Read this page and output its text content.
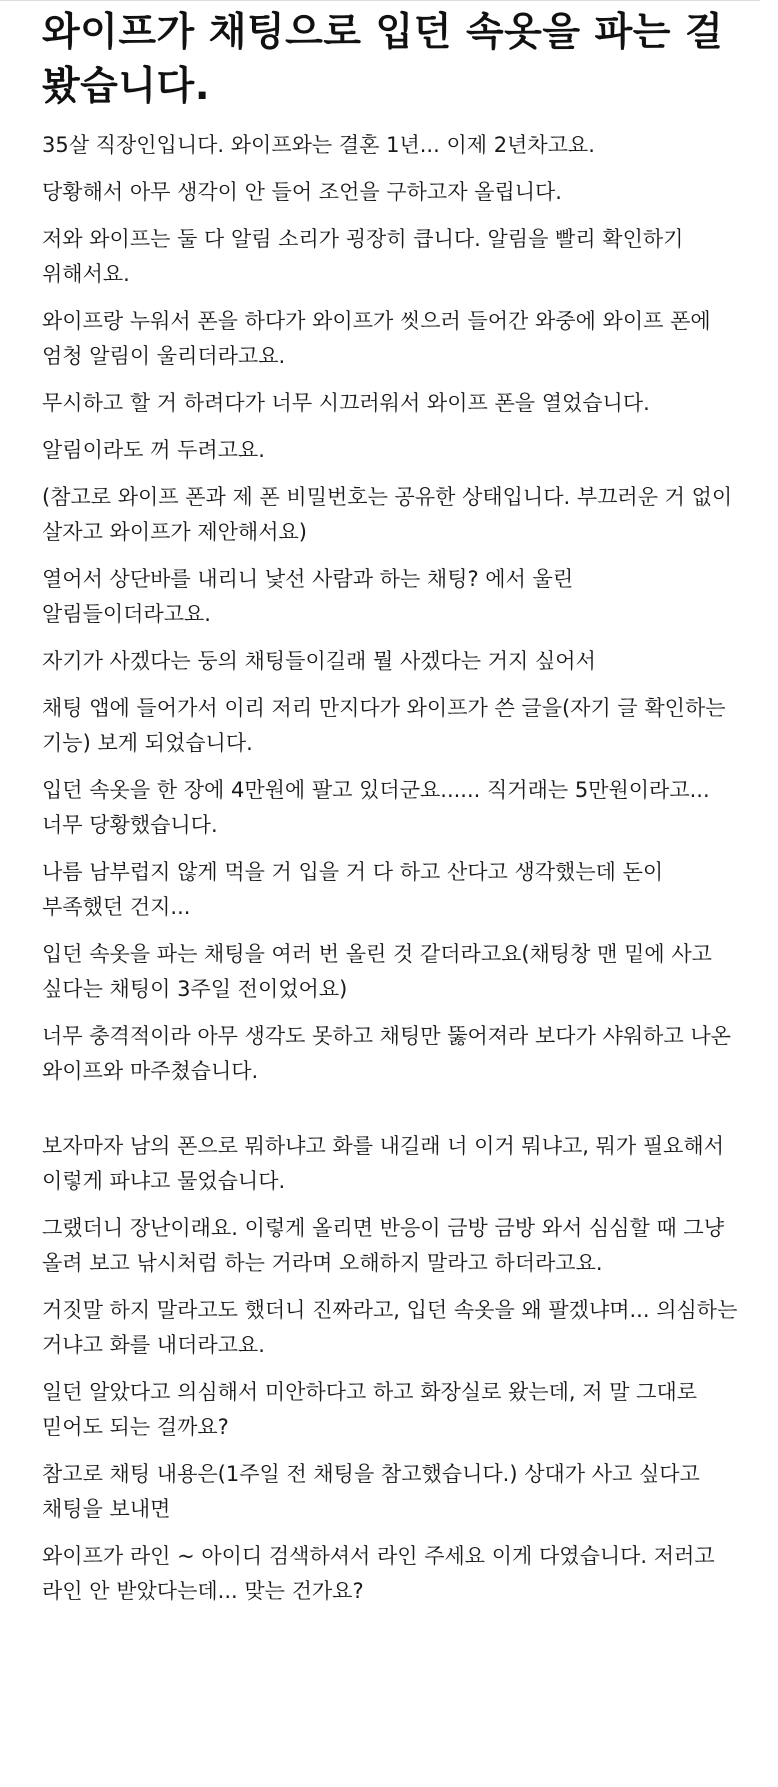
와이프가 채팅으로 입던 속옷을 파는 걸 봤습니다.

35살 직장인입니다. 와이프와는 결혼 1년... 이제 2년차고요.

당황해서 아무 생각이 안 들어 조언을 구하고자 올립니다.

저와 와이프는 둘 다 알림 소리가 굉장히 큽니다. 알림을 빨리 확인하기 위해서요.

와이프랑 누워서 폰을 하다가 와이프가 씻으러 들어간 와중에 와이프 폰에 엄청 알림이 울리더라고요.

무시하고 할 거 하려다가 너무 시끄러워서 와이프 폰을 열었습니다.

알림이라도 꺼 두려고요.

(참고로 와이프 폰과 제 폰 비밀번호는 공유한 상태입니다. 부끄러운 거 없이 살자고 와이프가 제안해서요)

열어서 상단바를 내리니 낯선 사람과 하는 채팅? 에서 울린 알림들이더라고요.

자기가 사겠다는 둥의 채팅들이길래 뭘 사겠다는 거지 싶어서

채팅 앱에 들어가서 이리 저리 만지다가 와이프가 쓴 글을(자기 글 확인하는 기능) 보게 되었습니다.

입던 속옷을 한 장에 4만원에 팔고 있더군요...... 직거래는 5만원이라고... 너무 당황했습니다.

나름 남부럽지 않게 먹을 거 입을 거 다 하고 산다고 생각했는데 돈이 부족했던 건지...

입던 속옷을 파는 채팅을 여러 번 올린 것 같더라고요(채팅창 맨 밑에 사고 싶다는 채팅이 3주일 전이었어요)

너무 충격적이라 아무 생각도 못하고 채팅만 뚫어져라 보다가 샤워하고 나온 와이프와 마주쳤습니다.

보자마자 남의 폰으로 뭐하냐고 화를 내길래 너 이거 뭐냐고, 뭐가 필요해서 이렇게 파냐고 물었습니다.

그랬더니 장난이래요. 이렇게 올리면 반응이 금방 금방 와서 심심할 때 그냥 올려 보고 낚시처럼 하는 거라며 오해하지 말라고 하더라고요.

거짓말 하지 말라고도 했더니 진짜라고, 입던 속옷을 왜 팔겠냐며... 의심하는 거냐고 화를 내더라고요.

일던 알았다고 의심해서 미안하다고 하고 화장실로 왔는데, 저 말 그대로 믿어도 되는 걸까요?

참고로 채팅 내용은(1주일 전 채팅을 참고했습니다.) 상대가 사고 싶다고 채팅을 보내면

와이프가 라인 ~ 아이디 검색하셔서 라인 주세요 이게 다였습니다. 저러고 라인 안 받았다는데... 맞는 건가요?
